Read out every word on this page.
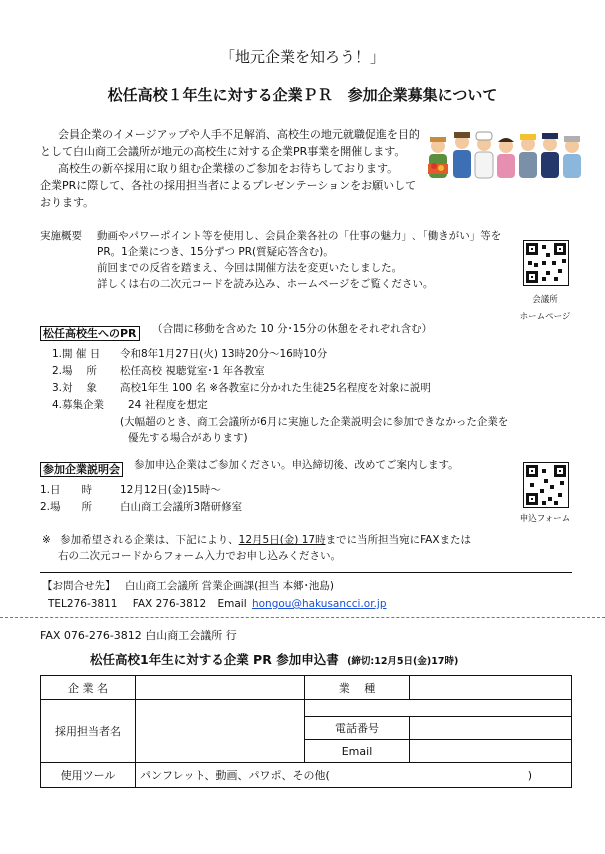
「地元企業を知ろう！」
松任高校１年生に対する企業ＰＲ　参加企業募集について
会員企業のイメージアップや人手不足解消、高校生の地元就職促進を目的
として白山商工会議所が地元の高校生に対する企業PR事業を開催します。
高校生の新卒採用に取り組む企業様のご参加をお待ちしております。
企業PRに際して、各社の採用担当者によるプレゼンテーションをお願いして
おります。
実施概要 動画やパワーポイント等を使用し、会員企業各社の「仕事の魅力」､「働きがい」等を
PR。1企業につき、15分ずつ PR(質疑応答含む)。
前回までの反省を踏まえ、今回は開催方法を変更いたしました。
詳しくは右の二次元コードを読み込み、ホームページをご覧ください。
会議所
ホームページ
松任高校生へのPR （合間に移動を含めた 10 分･15分の休憩をそれぞれ含む）
1.開 催 日 令和8年1月27日(火) 13時20分～16時10分
2.場　 所 松任高校 視聴覚室･1 年各教室
3.対　 象 高校1年生 100 名 ※各教室に分かれた生徒25名程度を対象に説明
4.募集企業 24 社程度を想定
(大幅超のとき、商工会議所が6月に実施した企業説明会に参加できなかった企業を
優先する場合があります)
参加企業説明会 参加申込企業はご参加ください。申込締切後、改めてご案内します。
1.日　　時	12月12日(金)15時～
2.場　　所	白山商工会議所3階研修室
申込フォーム
※ 参加希望される企業は、下記により、12月5日(金) 17時までに当所担当宛にFAXまたは
右の二次元コードからフォーム入力でお申し込みください。
【お問合せ先】 白山商工会議所 営業企画課(担当 本郷･池島)
TEL276-3811 FAX 276-3812 Email hongou@hakusancci.or.jp
FAX 076-276-3812 白山商工会議所 行
松任高校1年生に対する企業 PR 参加申込書 (締切:12月5日(金)17時)
企 業 名		業　 種	
採用担当者名			
		電話番号	
		Email	
使用ツール	パンフレット、動画、パワポ、その他(　　　　　　　　　　　　　　　　　　)		
